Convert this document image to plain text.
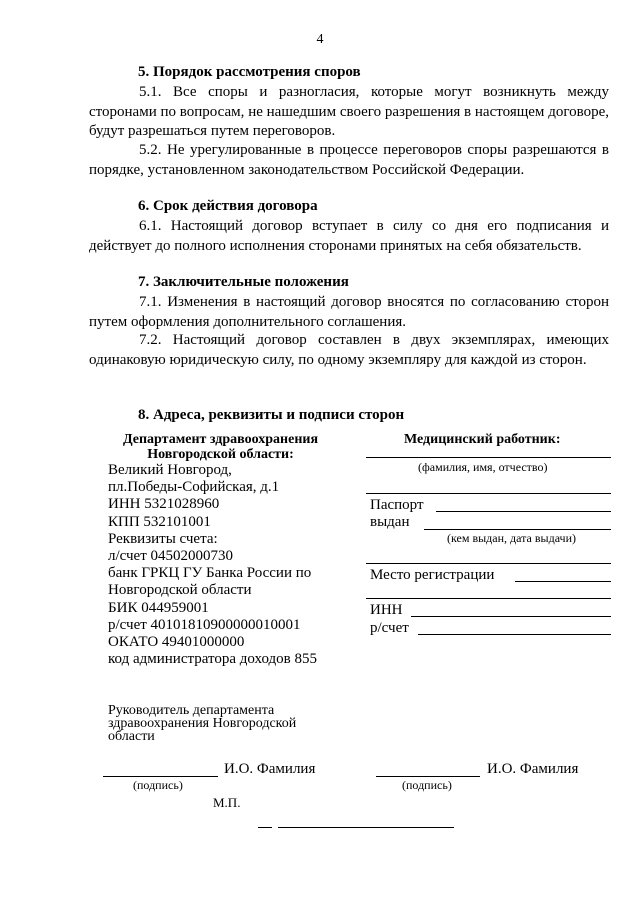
4
5. Порядок рассмотрения споров
5.1. Все споры и разногласия, которые могут возникнуть между сторонами по вопросам, не нашедшим своего разрешения в настоящем договоре, будут разрешаться путем переговоров.
5.2. Не урегулированные в процессе переговоров споры разрешаются в порядке, установленном законодательством Российской Федерации.
6. Срок действия договора
6.1. Настоящий договор вступает в силу со дня его подписания и действует до полного исполнения сторонами принятых на себя обязательств.
7. Заключительные положения
7.1. Изменения в настоящий договор вносятся по согласованию сторон путем оформления дополнительного соглашения.
7.2. Настоящий договор составлен в двух экземплярах, имеющих одинаковую юридическую силу, по одному экземпляру для каждой из сторон.
8. Адреса, реквизиты и подписи сторон
Департамент здравоохранения
Новгородской области:
Великий Новгород,
пл.Победы-Софийская, д.1
ИНН 5321028960
КПП 532101001
Реквизиты счета:
л/счет 04502000730
банк ГРКЦ ГУ Банка России по
Новгородской области
БИК 044959001
р/счет 40101810900000010001
ОКАТО 49401000000
код администратора доходов 855
Медицинский работник:
(фамилия, имя, отчество)
Паспорт
выдан
(кем выдан, дата выдачи)
Место регистрации
ИНН
р/счет
Руководитель департамента
здравоохранения Новгородской
области
И.О. Фамилия
(подпись)
И.О. Фамилия
(подпись)
М.П.
